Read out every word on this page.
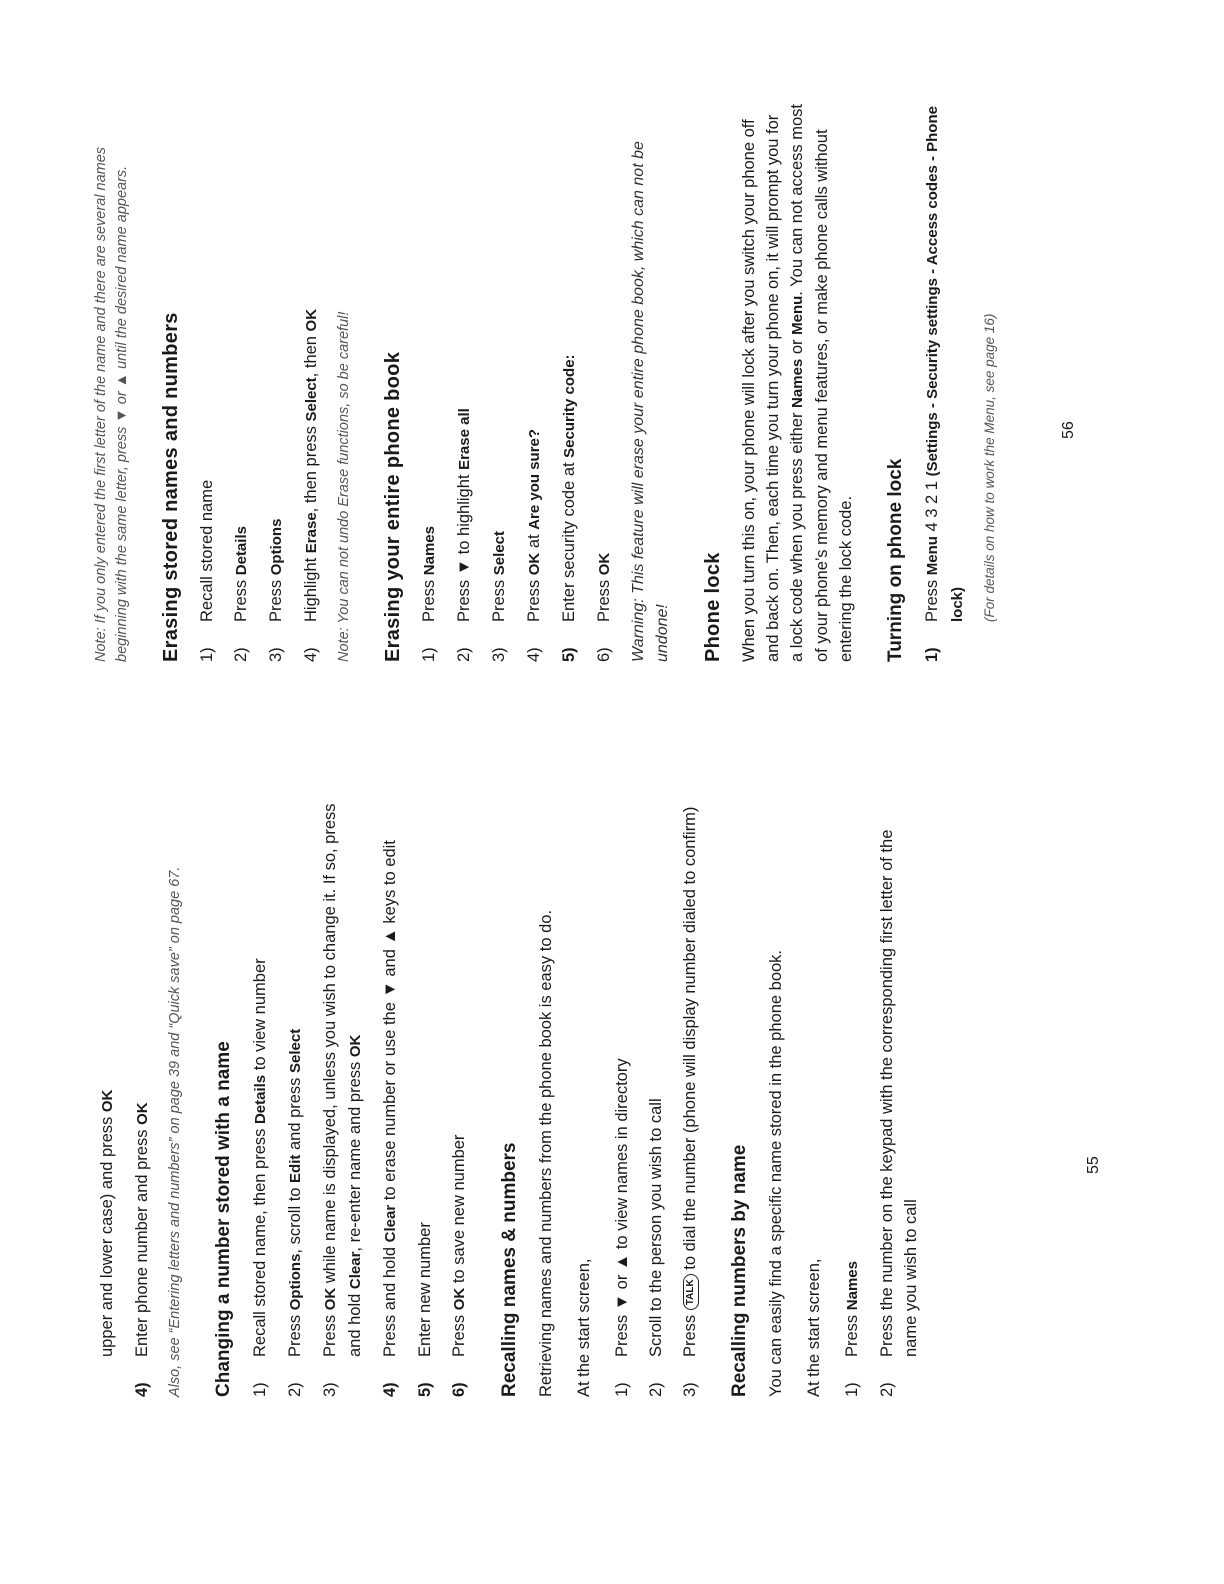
upper and lower case) and press OK
4)
Enter phone number and press OK Also, see “Entering letters and numbers” on page 39 and “Quick save” on page 67. Changing a number stored with a name 1)
Recall stored name, then press Details to view number
2)
Press Options, scroll to Edit and press Select
3)
Press OK while name is displayed, unless you wish to change it. If so, press and hold Clear, re-enter name and press OK
4)
Press and hold Clear to erase number or use the ▼ and ▲ keys to edit
5)
Enter new number
6)
Press OK to save new number Recalling names & numbers Retrieving names and numbers from the phone book is easy to do. At the start screen, 1)
Press ▼ or ▲ to view names in directory
2)
Scroll to the person you wish to call
3)
Press TALK to dial the number (phone will display number dialed to confirm) Recalling numbers by name You can easily find a specific name stored in the phone book. At the start screen, 1)
Press Names
2)
Press the number on the keypad with the corresponding first letter of the name you wish to call
55
Note: If you only entered the first letter of the name and there are several names beginning with the same letter, press ▼ or ▲ until the desired name appears. Erasing stored names and numbers 1)
Recall stored name
2)
Press Details
3)
Press Options
4)
Highlight Erase, then press Select, then OK Note: You can not undo Erase functions, so be careful! Erasing your entire phone book 1)
Press Names
2)
Press ▼ to highlight Erase all
3)
Press Select
4)
Press OK at Are you sure?
5)
Enter security code at Security code:
6)
Press OK Warning: This feature will erase your entire phone book, which can not be undone! Phone lock When you turn this on, your phone will lock after you switch your phone off and back on. Then, each time you turn your phone on, it will prompt you for a lock code when you press either Names or Menu. You can not access most of your phone’s memory and menu features, or make phone calls without entering the lock code. Turning on phone lock 1)
Press Menu 4 3 2 1 (Settings - Security settings - Access codes - Phone lock) (For details on how to work the Menu, see page 16)	56
